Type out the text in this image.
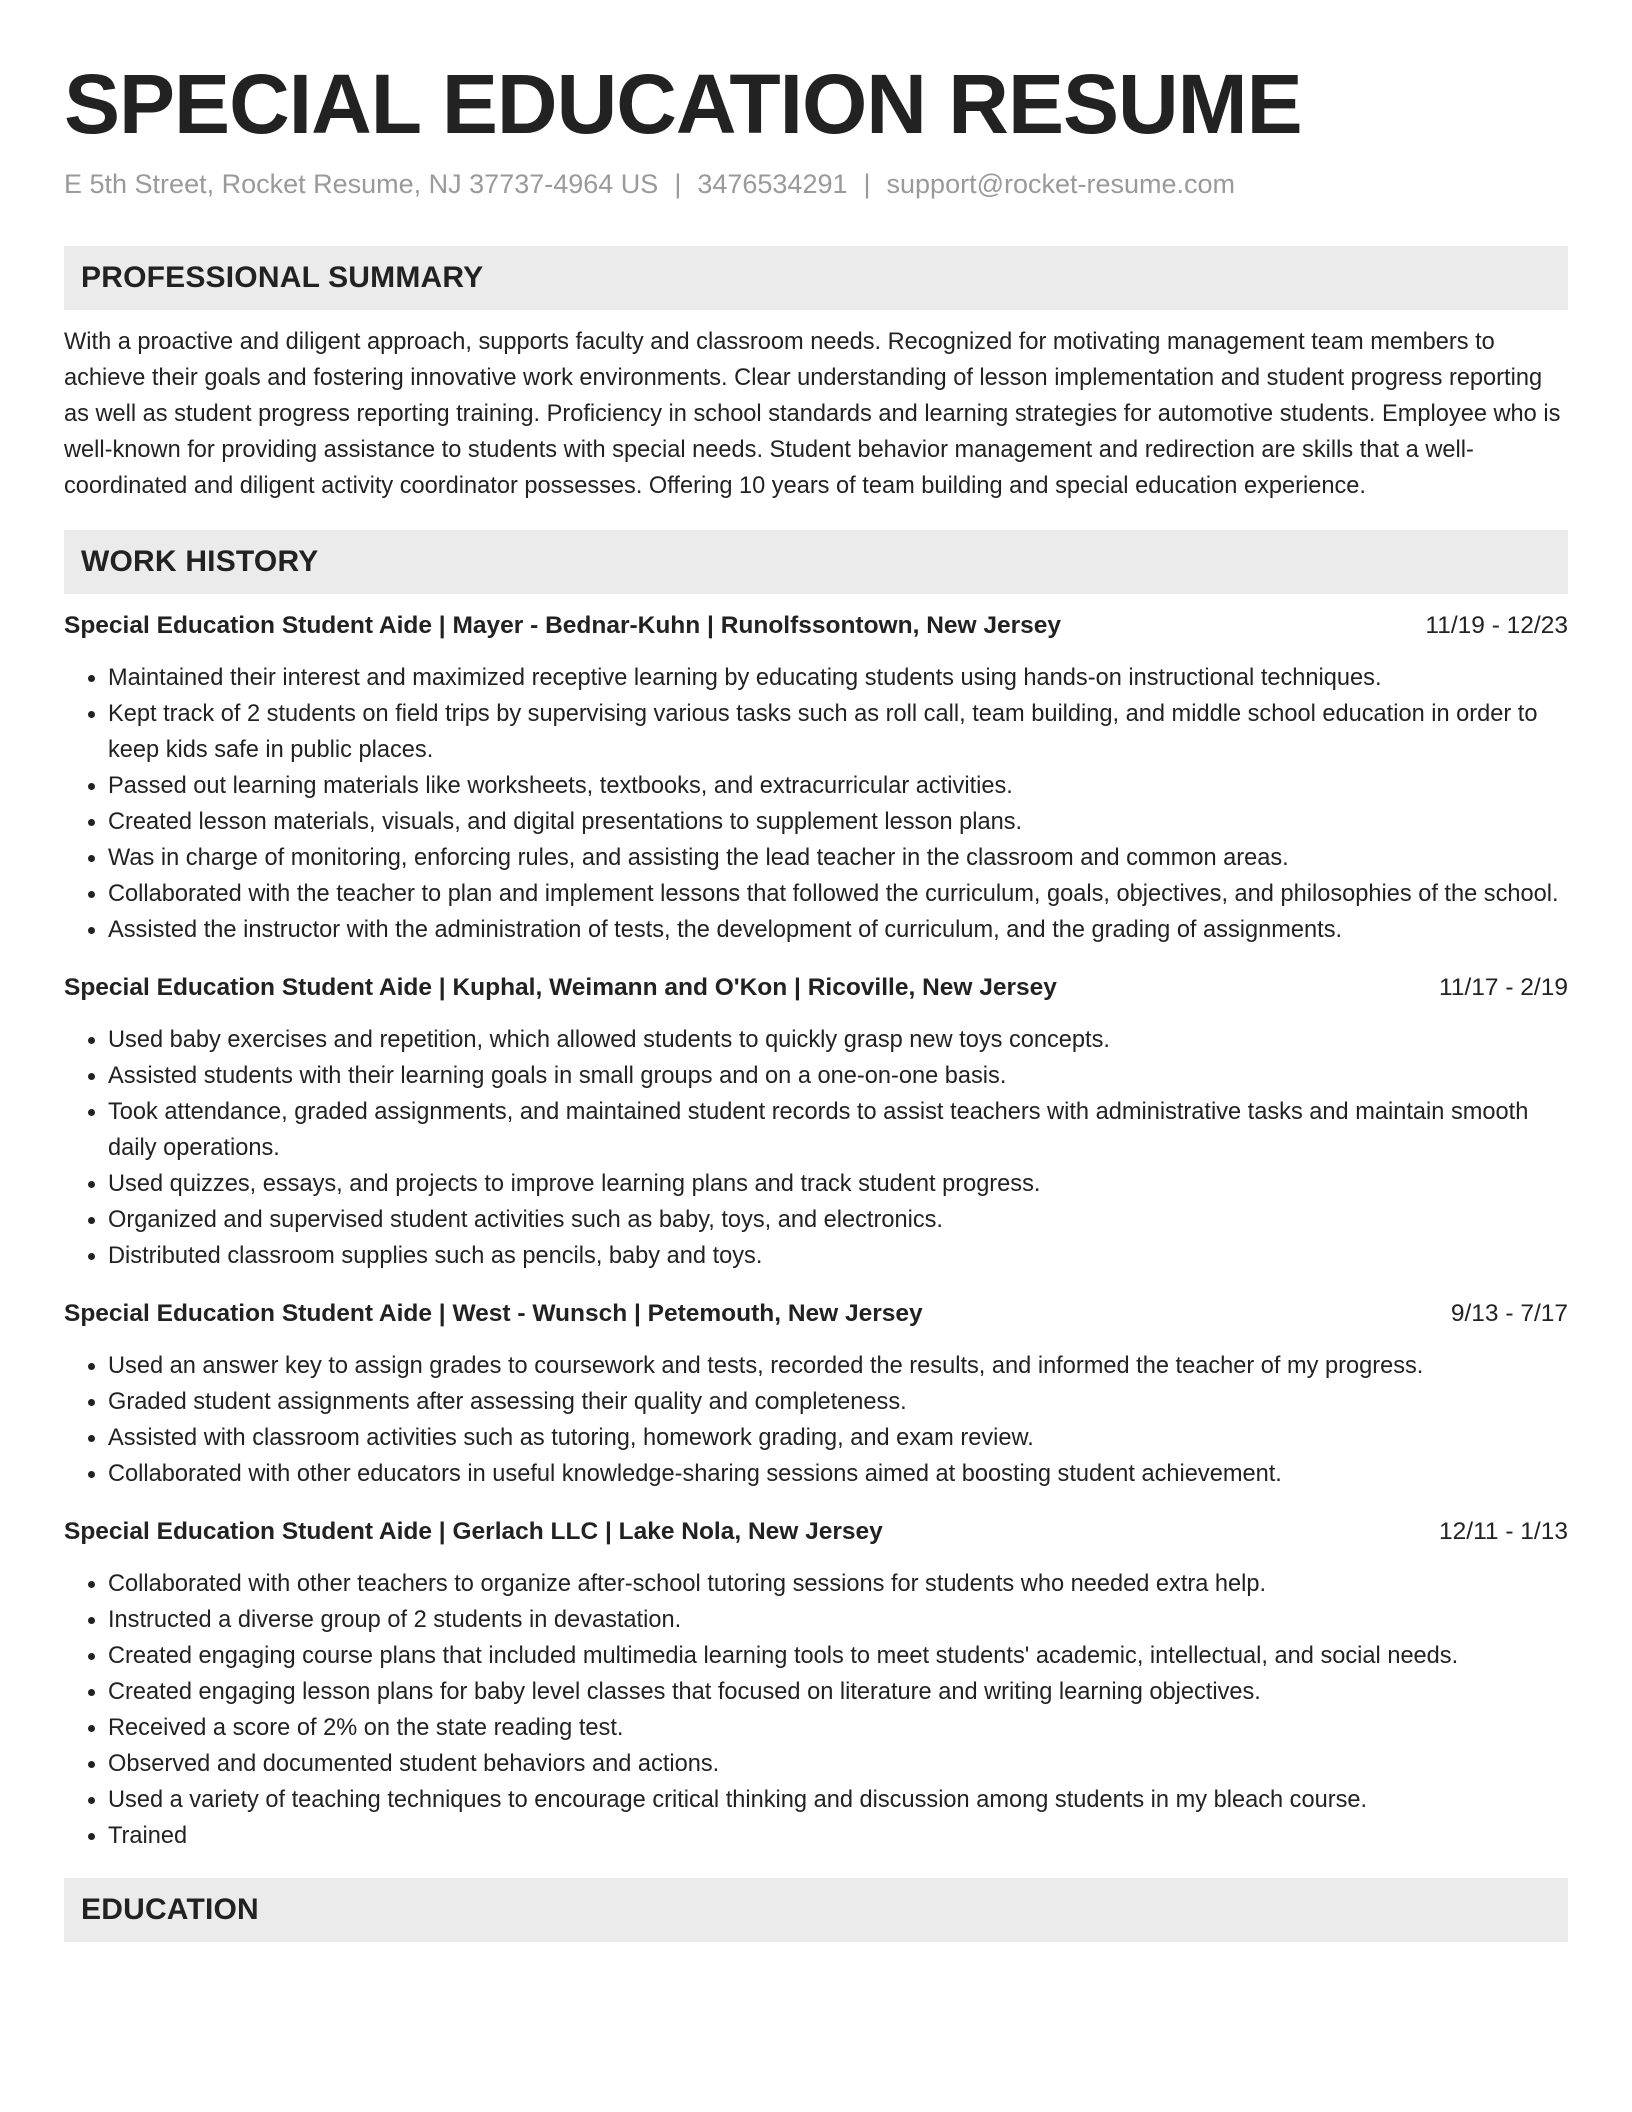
SPECIAL EDUCATION RESUME
E 5th Street, Rocket Resume, NJ 37737-4964 US | 3476534291 | support@rocket-resume.com
PROFESSIONAL SUMMARY
With a proactive and diligent approach, supports faculty and classroom needs. Recognized for motivating management team members to achieve their goals and fostering innovative work environments. Clear understanding of lesson implementation and student progress reporting as well as student progress reporting training. Proficiency in school standards and learning strategies for automotive students. Employee who is well-known for providing assistance to students with special needs. Student behavior management and redirection are skills that a well-coordinated and diligent activity coordinator possesses. Offering 10 years of team building and special education experience.
WORK HISTORY
Special Education Student Aide | Mayer - Bednar-Kuhn | Runolfssontown, New Jersey	11/19 - 12/23
• Maintained their interest and maximized receptive learning by educating students using hands-on instructional techniques.
• Kept track of 2 students on field trips by supervising various tasks such as roll call, team building, and middle school education in order to keep kids safe in public places.
• Passed out learning materials like worksheets, textbooks, and extracurricular activities.
• Created lesson materials, visuals, and digital presentations to supplement lesson plans.
• Was in charge of monitoring, enforcing rules, and assisting the lead teacher in the classroom and common areas.
• Collaborated with the teacher to plan and implement lessons that followed the curriculum, goals, objectives, and philosophies of the school.
• Assisted the instructor with the administration of tests, the development of curriculum, and the grading of assignments.
Special Education Student Aide | Kuphal, Weimann and O'Kon | Ricoville, New Jersey	11/17 - 2/19
• Used baby exercises and repetition, which allowed students to quickly grasp new toys concepts.
• Assisted students with their learning goals in small groups and on a one-on-one basis.
• Took attendance, graded assignments, and maintained student records to assist teachers with administrative tasks and maintain smooth daily operations.
• Used quizzes, essays, and projects to improve learning plans and track student progress.
• Organized and supervised student activities such as baby, toys, and electronics.
• Distributed classroom supplies such as pencils, baby and toys.
Special Education Student Aide | West - Wunsch | Petemouth, New Jersey	9/13 - 7/17
• Used an answer key to assign grades to coursework and tests, recorded the results, and informed the teacher of my progress.
• Graded student assignments after assessing their quality and completeness.
• Assisted with classroom activities such as tutoring, homework grading, and exam review.
• Collaborated with other educators in useful knowledge-sharing sessions aimed at boosting student achievement.
Special Education Student Aide | Gerlach LLC | Lake Nola, New Jersey	12/11 - 1/13
• Collaborated with other teachers to organize after-school tutoring sessions for students who needed extra help.
• Instructed a diverse group of 2 students in devastation.
• Created engaging course plans that included multimedia learning tools to meet students' academic, intellectual, and social needs.
• Created engaging lesson plans for baby level classes that focused on literature and writing learning objectives.
• Received a score of 2% on the state reading test.
• Observed and documented student behaviors and actions.
• Used a variety of teaching techniques to encourage critical thinking and discussion among students in my bleach course.
• Trained
EDUCATION
